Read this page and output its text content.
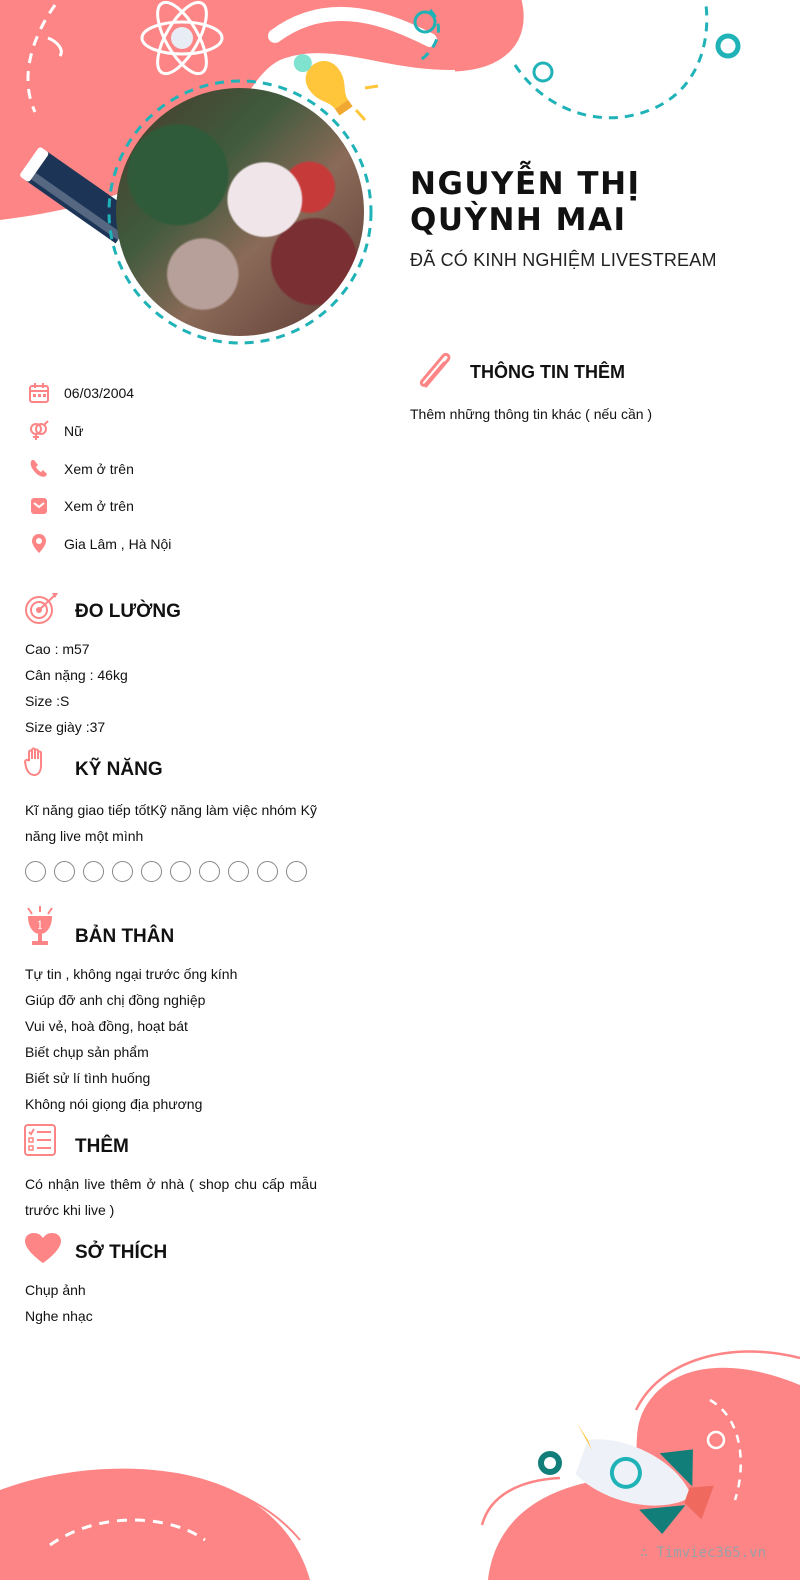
NGUYỄN THỊ QUỲNH MAI
ĐÃ CÓ KINH NGHIỆM LIVESTREAM
06/03/2004
Nữ
Xem ở trên
Xem ở trên
Gia Lâm , Hà Nội
ĐO LƯỜNG
Cao : m57
Cân nặng : 46kg
Size :S
Size giày :37
KỸ NĂNG
Kĩ năng giao tiếp tốtKỹ năng làm việc nhóm Kỹ năng live một mình
1
BẢN THÂN
Tự tin , không ngại trước ống kính
Giúp đỡ anh chị đồng nghiệp
Vui vẻ, hoà đồng, hoạt bát
Biết chụp sản phẩm
Biết sử lí tình huống
Không nói giọng địa phương
THÊM
Có nhận live thêm ở nhà ( shop chu cấp mẫu trước khi live )
SỞ THÍCH
Chụp ảnh
Nghe nhạc
THÔNG TIN THÊM
Thêm những thông tin khác ( nếu cần )
∴ Timviec365.vn
